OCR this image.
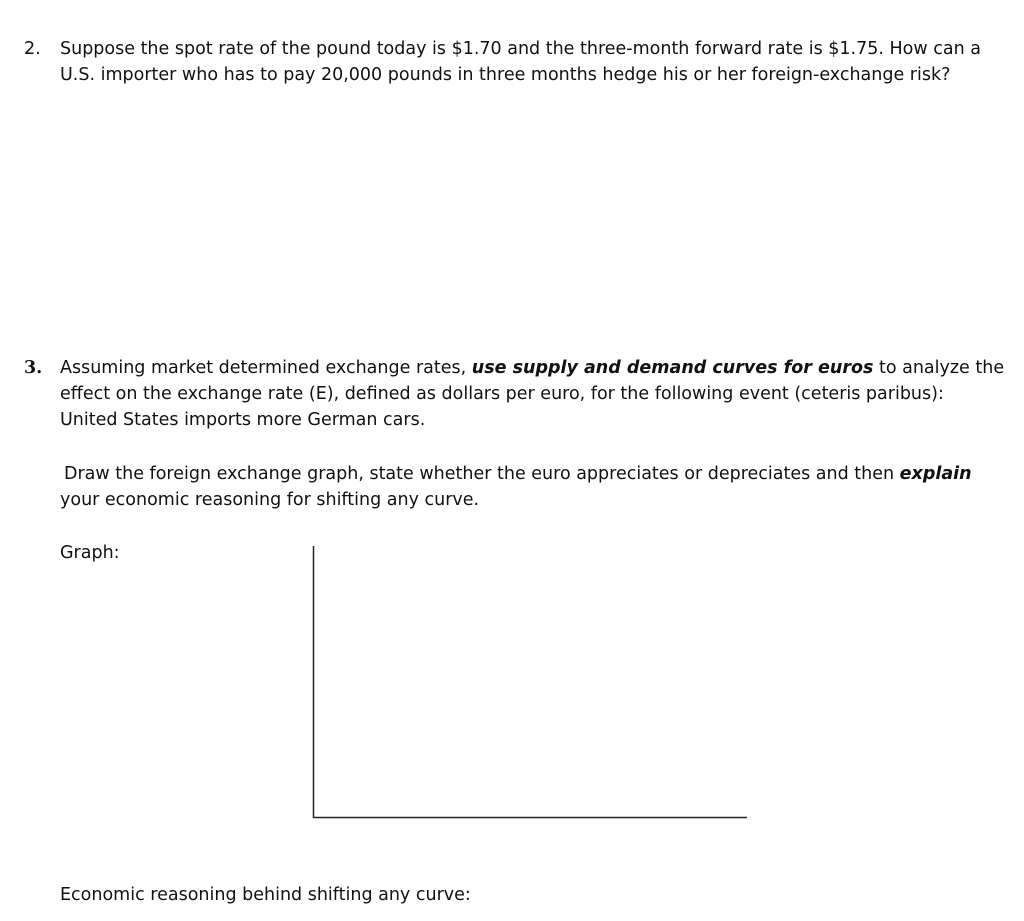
2.	Suppose the spot rate of the pound today is $1.70 and the three-month forward rate is $1.75. How can a
U.S. importer who has to pay 20,000 pounds in three months hedge his or her foreign-exchange risk?
3.	Assuming market determined exchange rates, use supply and demand curves for euros to analyze the
effect on the exchange rate (E), defined as dollars per euro, for the following event (ceteris paribus):
United States imports more German cars.
Draw the foreign exchange graph, state whether the euro appreciates or depreciates and then explain
your economic reasoning for shifting any curve.
Graph:
Economic reasoning behind shifting any curve:
